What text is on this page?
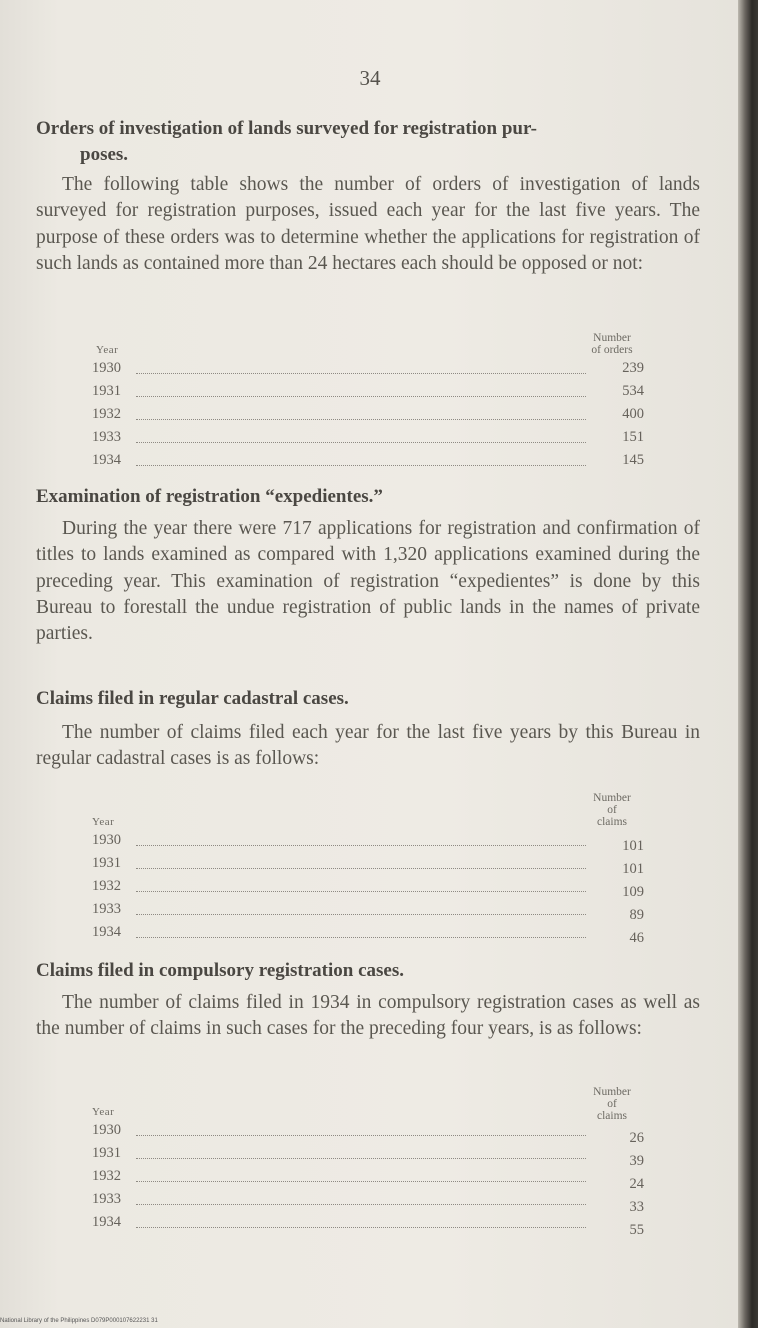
34
Orders of investigation of lands surveyed for registration pur-
poses.
The following table shows the number of orders of investigation of lands surveyed for registration purposes, issued each year for the last five years. The purpose of these orders was to determine whether the applications for registration of such lands as contained more than 24 hectares each should be opposed or not:
Year
Number
of orders
1930	239
1931	534
1932	400
1933	151
1934	145
Examination of registration “expedientes.”
During the year there were 717 applications for registration and confirmation of titles to lands examined as compared with 1,320 applications examined during the preceding year. This examination of registration “expedientes” is done by this Bureau to forestall the undue registration of public lands in the names of private parties.
Claims filed in regular cadastral cases.
The number of claims filed each year for the last five years by this Bureau in regular cadastral cases is as follows:
Year
Number
of
claims
1930	101
1931	101
1932	109
1933	89
1934	46
Claims filed in compulsory registration cases.
The number of claims filed in 1934 in compulsory registration cases as well as the number of claims in such cases for the preceding four years, is as follows:
Year
Number
of
claims
1930	26
1931	39
1932	24
1933	33
1934	55
National Library of the Philippines D079P000107622231 31
